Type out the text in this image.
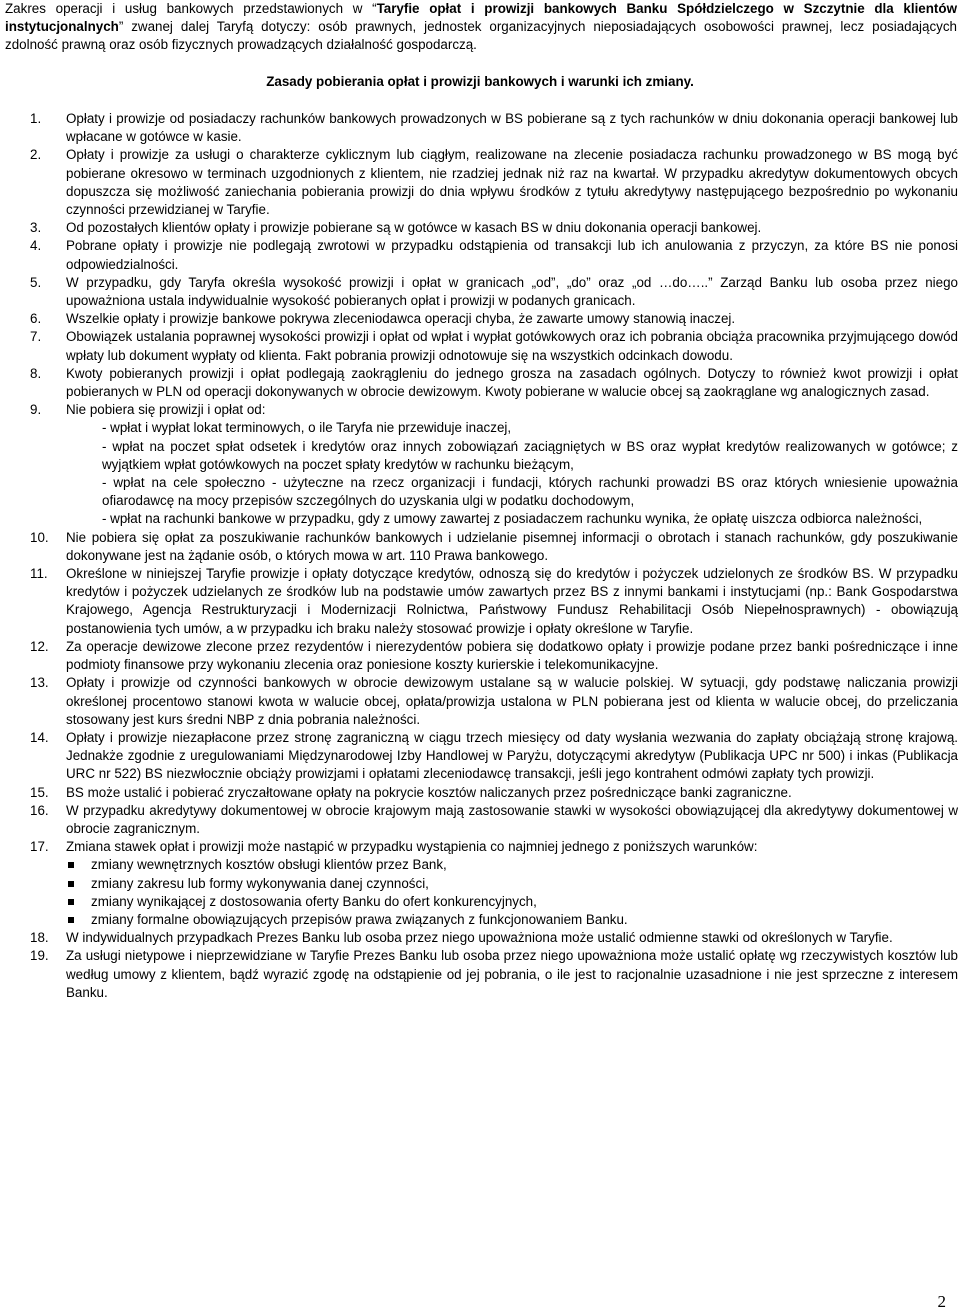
Zakres operacji i usług bankowych przedstawionych w “Taryfie opłat i prowizji bankowych Banku Spółdzielczego w Szczytnie dla klientów instytucjonalnych” zwanej dalej Taryfą dotyczy: osób prawnych, jednostek organizacyjnych nieposiadających osobowości prawnej, lecz posiadających zdolność prawną oraz osób fizycznych prowadzących działalność gospodarczą.

Zasady pobierania opłat i prowizji bankowych i warunki ich zmiany.

1. Opłaty i prowizje od posiadaczy rachunków bankowych prowadzonych w BS pobierane są z tych rachunków w dniu dokonania operacji bankowej lub wpłacane w gotówce w kasie.
2. Opłaty i prowizje za usługi o charakterze cyklicznym lub ciągłym, realizowane na zlecenie posiadacza rachunku prowadzonego w BS mogą być pobierane okresowo w terminach uzgodnionych z klientem, nie rzadziej jednak niż raz na kwartał. W przypadku akredytyw dokumentowych obcych dopuszcza się możliwość zaniechania pobierania prowizji do dnia wpływu środków z tytułu akredytywy następującego bezpośrednio po wykonaniu czynności przewidzianej w Taryfie.
3. Od pozostałych klientów opłaty i prowizje pobierane są w gotówce w kasach BS w dniu dokonania operacji bankowej.
4. Pobrane opłaty i prowizje nie podlegają zwrotowi w przypadku odstąpienia od transakcji lub ich anulowania z przyczyn, za które BS nie ponosi odpowiedzialności.
5. W przypadku, gdy Taryfa określa wysokość prowizji i opłat w granicach „od”, „do” oraz „od …do…..” Zarząd Banku lub osoba przez niego upoważniona ustala indywidualnie wysokość pobieranych opłat i prowizji w podanych granicach.
6. Wszelkie opłaty i prowizje bankowe pokrywa zleceniodawca operacji chyba, że zawarte umowy stanowią inaczej.
7. Obowiązek ustalania poprawnej wysokości prowizji i opłat od wpłat i wypłat gotówkowych oraz ich pobrania obciąża pracownika przyjmującego dowód wpłaty lub dokument wypłaty od klienta. Fakt pobrania prowizji odnotowuje się na wszystkich odcinkach dowodu.
8. Kwoty pobieranych prowizji i opłat podlegają zaokrągleniu do jednego grosza na zasadach ogólnych. Dotyczy to również kwot prowizji i opłat pobieranych w PLN od operacji dokonywanych w obrocie dewizowym. Kwoty pobierane w walucie obcej są zaokrąglane wg analogicznych zasad.
9. Nie pobiera się prowizji i opłat od:
- wpłat i wypłat lokat terminowych, o ile Taryfa nie przewiduje inaczej,
- wpłat na poczet spłat odsetek i kredytów oraz innych zobowiązań zaciągniętych w BS oraz wypłat kredytów realizowanych w gotówce; z wyjątkiem wpłat gotówkowych na poczet spłaty kredytów w rachunku bieżącym,
- wpłat na cele społeczno - użyteczne na rzecz organizacji i fundacji, których rachunki prowadzi BS oraz których wniesienie upoważnia ofiarodawcę na mocy przepisów szczególnych do uzyskania ulgi w podatku dochodowym,
- wpłat na rachunki bankowe w przypadku, gdy z umowy zawartej z posiadaczem rachunku wynika, że opłatę uiszcza odbiorca należności,
10. Nie pobiera się opłat za poszukiwanie rachunków bankowych i udzielanie pisemnej informacji o obrotach i stanach rachunków, gdy poszukiwanie dokonywane jest na żądanie osób, o których mowa w art. 110 Prawa bankowego.
11. Określone w niniejszej Taryfie prowizje i opłaty dotyczące kredytów, odnoszą się do kredytów i pożyczek udzielonych ze środków BS. W przypadku kredytów i pożyczek udzielanych ze środków lub na podstawie umów zawartych przez BS z innymi bankami i instytucjami (np.: Bank Gospodarstwa Krajowego, Agencja Restrukturyzacji i Modernizacji Rolnictwa, Państwowy Fundusz Rehabilitacji Osób Niepełnosprawnych) - obowiązują postanowienia tych umów, a w przypadku ich braku należy stosować prowizje i opłaty określone w Taryfie.
12. Za operacje dewizowe zlecone przez rezydentów i nierezydentów pobiera się dodatkowo opłaty i prowizje podane przez banki pośredniczące i inne podmioty finansowe przy wykonaniu zlecenia oraz poniesione koszty kurierskie i telekomunikacyjne.
13. Opłaty i prowizje od czynności bankowych w obrocie dewizowym ustalane są w walucie polskiej. W sytuacji, gdy podstawę naliczania prowizji określonej procentowo stanowi kwota w walucie obcej, opłata/prowizja ustalona w PLN pobierana jest od klienta w walucie obcej, do przeliczania stosowany jest kurs średni NBP z dnia pobrania należności.
14. Opłaty i prowizje niezapłacone przez stronę zagraniczną w ciągu trzech miesięcy od daty wysłania wezwania do zapłaty obciążają stronę krajową. Jednakże zgodnie z uregulowaniami Międzynarodowej Izby Handlowej w Paryżu, dotyczącymi akredytyw (Publikacja UPC nr 500) i inkas (Publikacja URC nr 522) BS niezwłocznie obciąży prowizjami i opłatami zleceniodawcę transakcji, jeśli jego kontrahent odmówi zapłaty tych prowizji.
15. BS może ustalić i pobierać zryczałtowane opłaty na pokrycie kosztów naliczanych przez pośredniczące banki zagraniczne.
16. W przypadku akredytywy dokumentowej w obrocie krajowym mają zastosowanie stawki w wysokości obowiązującej dla akredytywy dokumentowej w obrocie zagranicznym.
17. Zmiana stawek opłat i prowizji może nastąpić w przypadku wystąpienia co najmniej jednego z poniższych warunków:
zmiany wewnętrznych kosztów obsługi klientów przez Bank,
zmiany zakresu lub formy wykonywania danej czynności,
zmiany wynikającej z dostosowania oferty Banku do ofert konkurencyjnych,
zmiany formalne obowiązujących przepisów prawa związanych z funkcjonowaniem Banku.
18. W indywidualnych przypadkach Prezes Banku lub osoba przez niego upoważniona może ustalić odmienne stawki od określonych w Taryfie.
19. Za usługi nietypowe i nieprzewidziane w Taryfie Prezes Banku lub osoba przez niego upoważniona może ustalić opłatę wg rzeczywistych kosztów lub według umowy z klientem, bądź wyrazić zgodę na odstąpienie od jej pobrania, o ile jest to racjonalnie uzasadnione i nie jest sprzeczne z interesem Banku.
2
